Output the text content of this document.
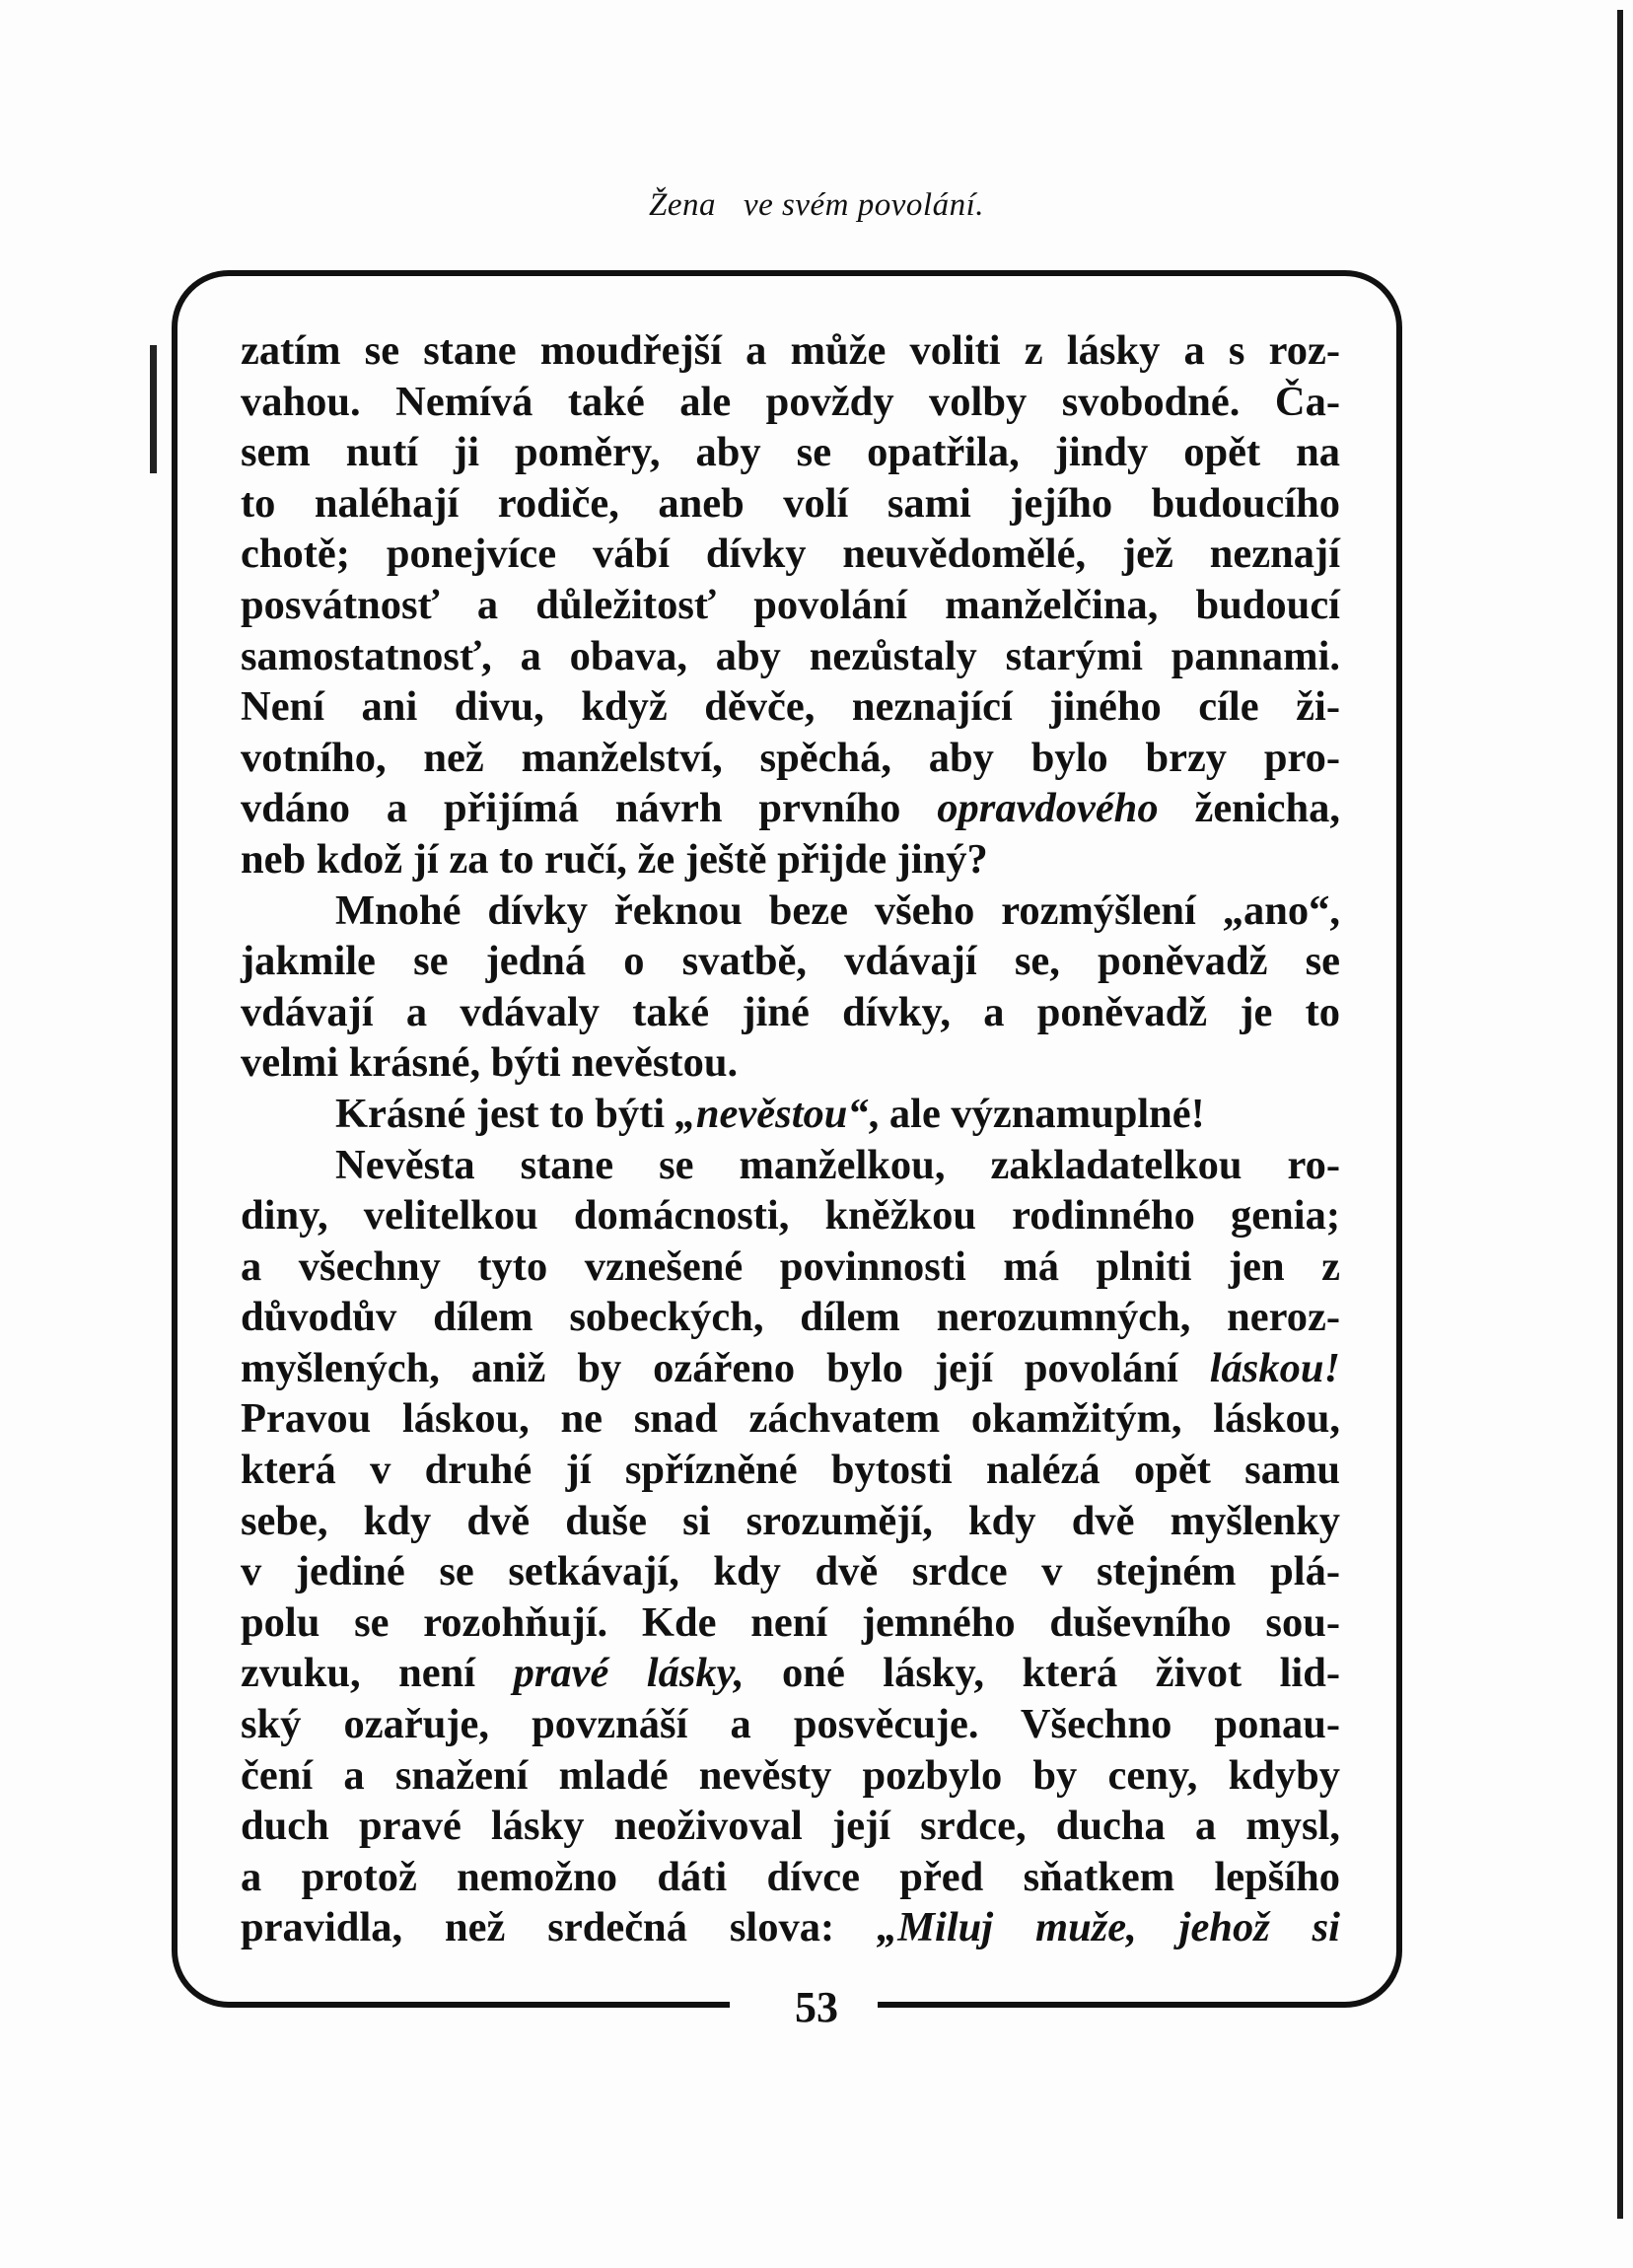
Žena ve svém povolání.
zatím se stane moudřejší a může voliti z lásky a s roz-
vahou. Nemívá také ale povždy volby svobodné. Ča-
sem nutí ji poměry, aby se opatřila, jindy opět na
to naléhají rodiče, aneb volí sami jejího budoucího
chotě; ponejvíce vábí dívky neuvědomělé, jež neznají
posvátnosť a důležitosť povolání manželčina, budoucí
samostatnosť, a obava, aby nezůstaly starými pannami.
Není ani divu, když děvče, neznající jiného cíle ži-
votního, než manželství, spěchá, aby bylo brzy pro-
vdáno a přijímá návrh prvního opravdového ženicha,
neb kdož jí za to ručí, že ještě přijde jiný?
Mnohé dívky řeknou beze všeho rozmýšlení „ano“,
jakmile se jedná o svatbě, vdávají se, poněvadž se
vdávají a vdávaly také jiné dívky, a poněvadž je to
velmi krásné, býti nevěstou.
Krásné jest to býti „nevěstou“, ale významuplné!
Nevěsta stane se manželkou, zakladatelkou ro-
diny, velitelkou domácnosti, kněžkou rodinného genia;
a všechny tyto vznešené povinnosti má plniti jen z
důvodův dílem sobeckých, dílem nerozumných, neroz-
myšlených, aniž by ozářeno bylo její povolání láskou!
Pravou láskou, ne snad záchvatem okamžitým, láskou,
která v druhé jí spřízněné bytosti nalézá opět samu
sebe, kdy dvě duše si srozumějí, kdy dvě myšlenky
v jediné se setkávají, kdy dvě srdce v stejném plá-
polu se rozohňují. Kde není jemného duševního sou-
zvuku, není pravé lásky, oné lásky, která život lid-
ský ozařuje, povznáší a posvěcuje. Všechno ponau-
čení a snažení mladé nevěsty pozbylo by ceny, kdyby
duch pravé lásky neoživoval její srdce, ducha a mysl,
a protož nemožno dáti dívce před sňatkem lepšího
pravidla, než srdečná slova: „Miluj muže, jehož si
53
